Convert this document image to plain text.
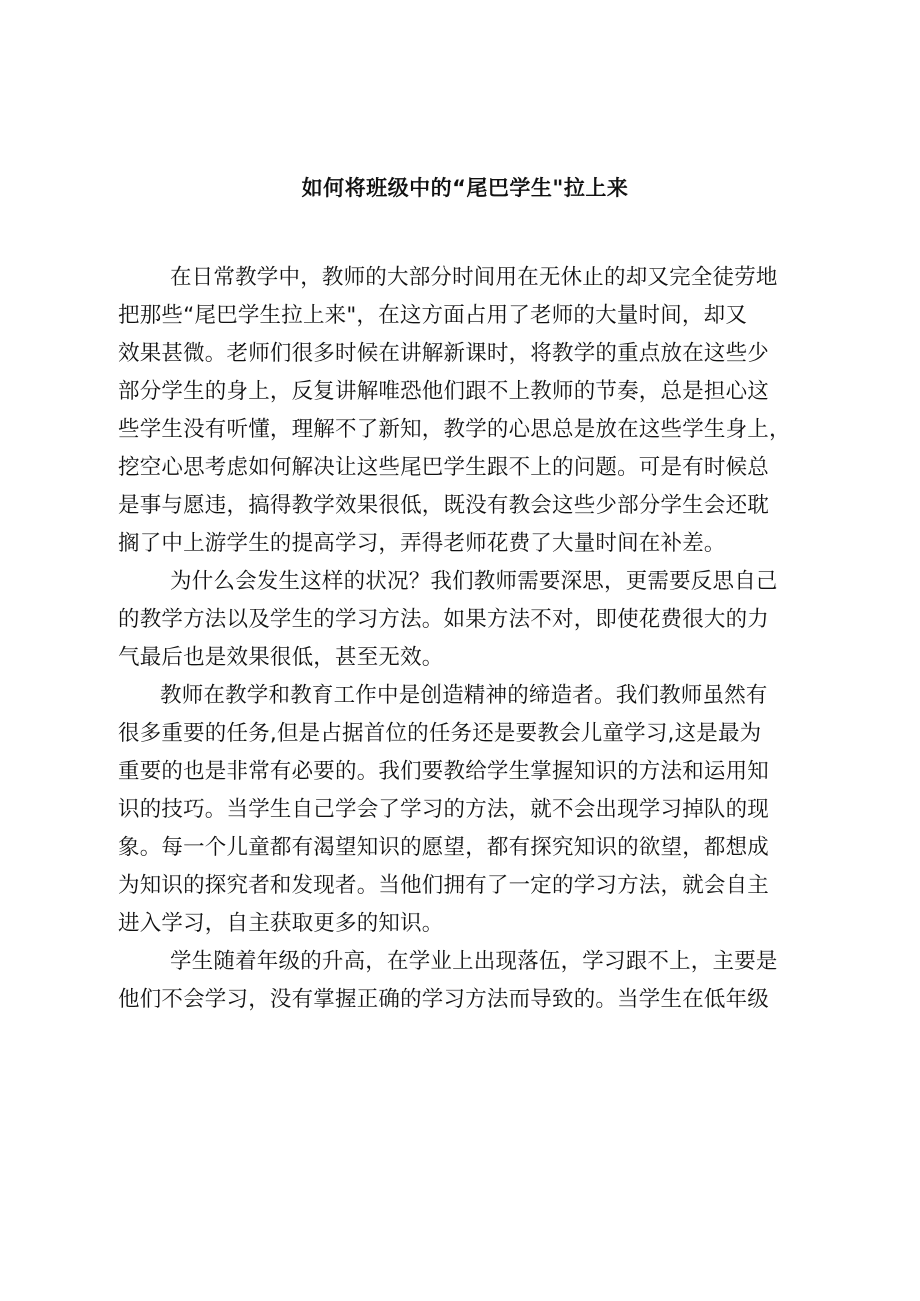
如何将班级中的“尾巴学生"拉上来
在日常教学中，教师的大部分时间用在无休止的却又完全徒劳地
把那些“尾巴学生拉上来"，在这方面占用了老师的大量时间，却又
效果甚微。老师们很多时候在讲解新课时，将教学的重点放在这些少
部分学生的身上，反复讲解唯恐他们跟不上教师的节奏，总是担心这
些学生没有听懂，理解不了新知，教学的心思总是放在这些学生身上，
挖空心思考虑如何解决让这些尾巴学生跟不上的问题。可是有时候总
是事与愿违，搞得教学效果很低，既没有教会这些少部分学生会还耽
搁了中上游学生的提高学习，弄得老师花费了大量时间在补差。
为什么会发生这样的状况？我们教师需要深思，更需要反思自己
的教学方法以及学生的学习方法。如果方法不对，即使花费很大的力
气最后也是效果很低，甚至无效。
教师在教学和教育工作中是创造精神的缔造者。我们教师虽然有
很多重要的任务,但是占据首位的任务还是要教会儿童学习,这是最为
重要的也是非常有必要的。我们要教给学生掌握知识的方法和运用知
识的技巧。当学生自己学会了学习的方法，就不会出现学习掉队的现
象。每一个儿童都有渴望知识的愿望，都有探究知识的欲望，都想成
为知识的探究者和发现者。当他们拥有了一定的学习方法，就会自主
进入学习，自主获取更多的知识。
学生随着年级的升高，在学业上出现落伍，学习跟不上，主要是
他们不会学习，没有掌握正确的学习方法而导致的。当学生在低年级
